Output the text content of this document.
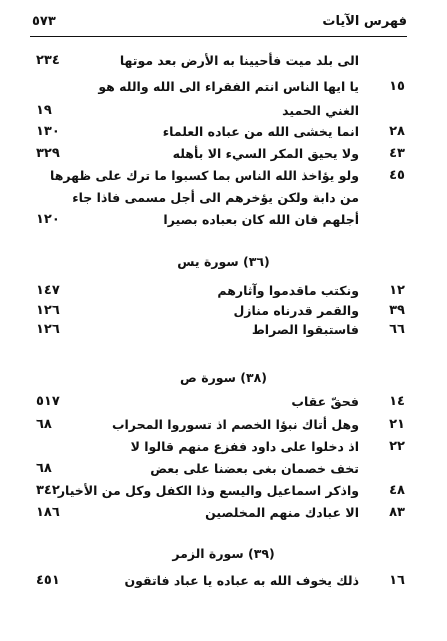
فهرس الآيات
٥٧٣
الى بلد ميت فأحيينا به الأرض بعد موتها
٢٣٤
١٥
يا ايها الناس انتم الفقراء الى الله والله هو
الغني الحميد
١٩
٢٨
انما يخشى الله من عباده العلماء
١٣٠
٤٣
ولا يحيق المكر السيء الا بأهله
٣٢٩
٤٥
ولو يؤاخذ الله الناس بما كسبوا ما ترك على ظهرها
من دابة ولكن يؤخرهم الى أجل مسمى فاذا جاء
أجلهم فان الله كان بعباده بصيرا
١٢٠
(٣٦) سورة يس
١٢
ونكتب ماقدموا وآثارهم
١٤٧
٣٩
والقمر قدرناه منازل
١٢٦
٦٦
فاستبقوا الصراط
١٢٦
(٣٨) سورة ص
١٤
فحقّ عقاب
٥١٧
٢١
وهل أتاك نبؤا الخصم اذ تسوروا المحراب
٦٨
٢٢
اذ دخلوا على داود ففزع منهم قالوا لا
تخف خصمان بغى بعضنا على بعض
٦٨
٤٨
واذكر اسماعيل واليسع وذا الكفل وكل من الأخيار
٣٤٢
٨٣
الا عبادك منهم المخلصين
١٨٦
(٣٩) سورة الزمر
١٦
ذلك يخوف الله به عباده يا عباد فاتقون
٤٥١
